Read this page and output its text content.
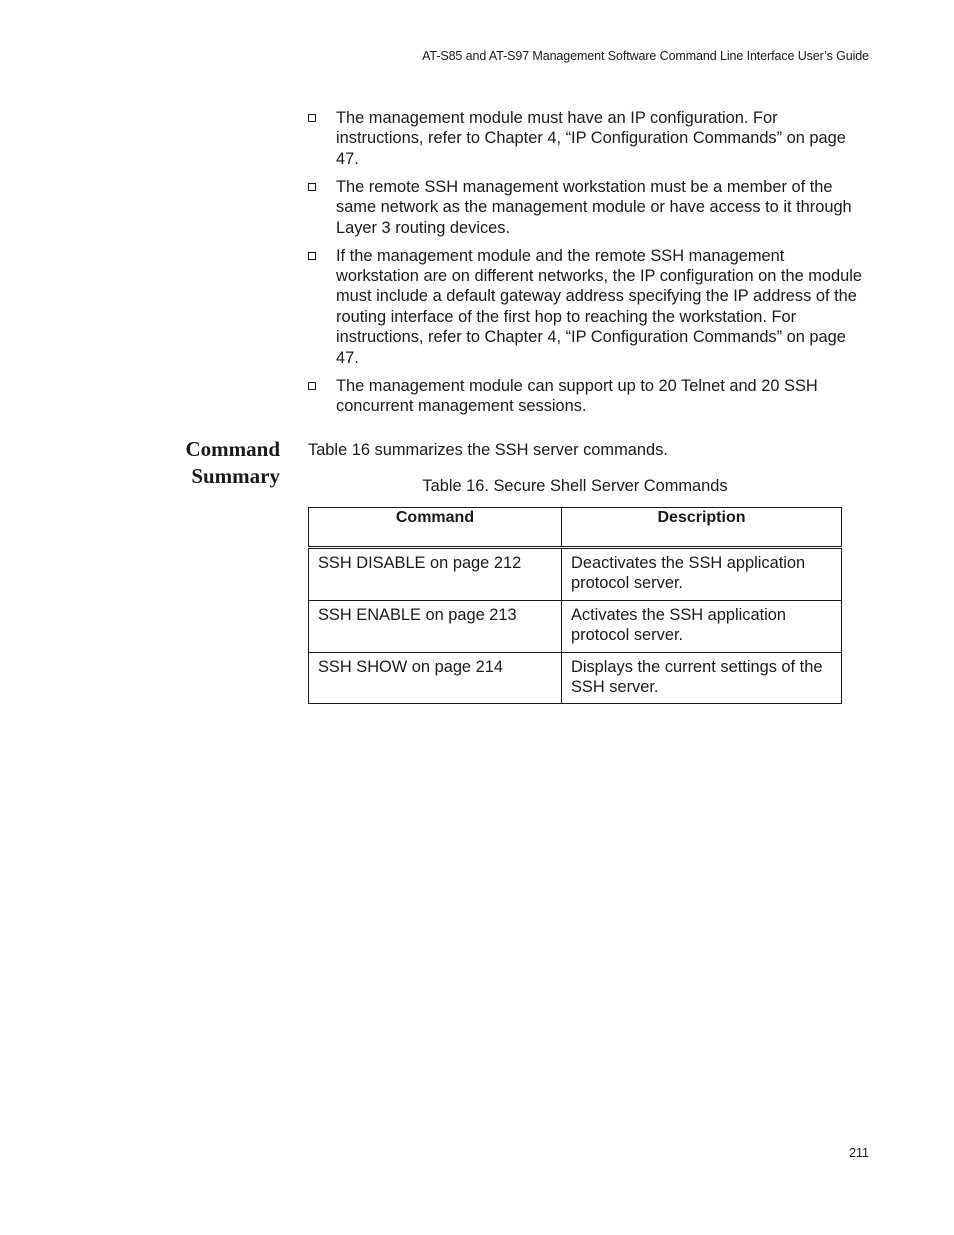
AT-S85 and AT-S97 Management Software Command Line Interface User’s Guide
The management module must have an IP configuration. For instructions, refer to Chapter 4, “IP Configuration Commands” on page 47.
The remote SSH management workstation must be a member of the same network as the management module or have access to it through Layer 3 routing devices.
If the management module and the remote SSH management workstation are on different networks, the IP configuration on the module must include a default gateway address specifying the IP address of the routing interface of the first hop to reaching the workstation. For instructions, refer to Chapter 4, “IP Configuration Commands” on page 47.
The management module can support up to 20 Telnet and 20 SSH concurrent management sessions.
Command
Summary
Table 16 summarizes the SSH server commands.
Table 16. Secure Shell Server Commands
Command	Description
SSH DISABLE on page 212	Deactivates the SSH application protocol server.
SSH ENABLE on page 213	Activates the SSH application protocol server.
SSH SHOW on page 214	Displays the current settings of the SSH server.
211
